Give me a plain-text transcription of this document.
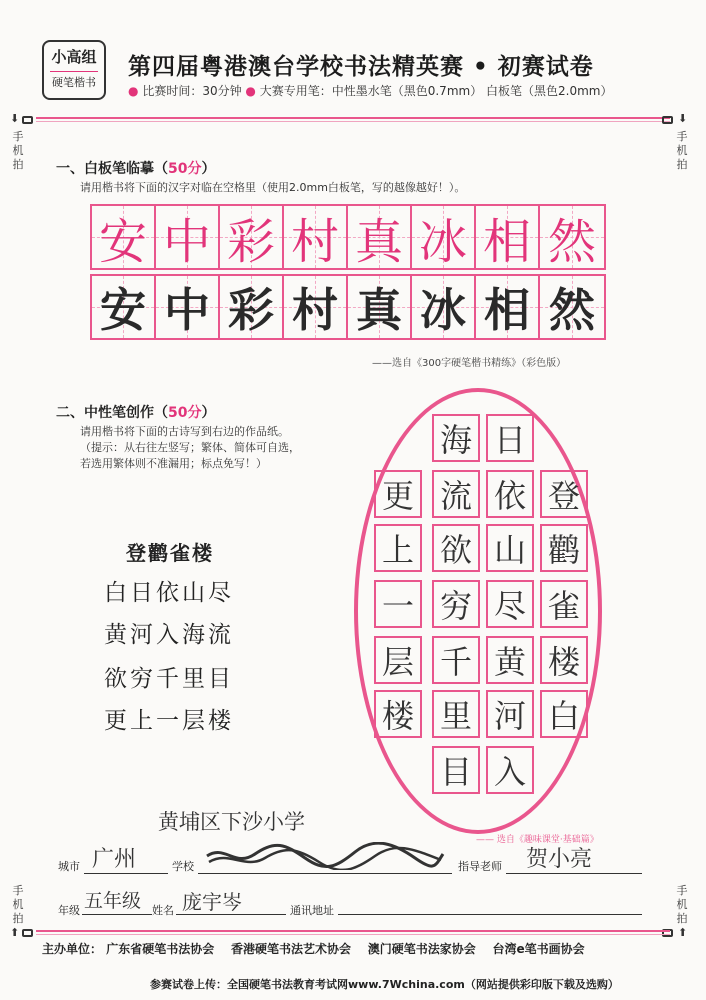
小高组
硬笔楷书
第四届粤港澳台学校书法精英赛 • 初赛试卷
● 比赛时间：30分钟 ● 大赛专用笔：中性墨水笔（黑色0.7mm） 白板笔（黑色2.0mm）
⬇
手机拍
⬇
手机拍
手机拍
⬆
手机拍
⬆
一、白板笔临摹（50分）
请用楷书将下面的汉字对临在空格里（使用2.0mm白板笔，写的越像越好！）。
安 中 彩 村 真 冰 相 然
安 中 彩 村 真 冰 相 然
——选自《300字硬笔楷书精练》（彩色版）
二、中性笔创作（50分）
请用楷书将下面的古诗写到右边的作品纸。
（提示：从右往左竖写；繁体、简体可自选，
若选用繁体则不准漏用；标点免写！）
登鹳雀楼
白日依山尽
黄河入海流
欲穷千里目
更上一层楼
登
鹳
雀
楼
白
依
山
尽
黄
河
流
欲
穷
千
里
目
更
上
一
层
楼
日
海
入
—— 选自《趣味课堂·基础篇》
黄埔区下沙小学
城市 广州	学校	指导老师 贺小亮
年级 五年级 姓名 庞宇岑	通讯地址
主办单位： 广东省硬笔书法协会 香港硬笔书法艺术协会 澳门硬笔书法家协会 台湾e笔书画协会
参赛试卷上传：全国硬笔书法教育考试网www.7Wchina.com（网站提供彩印版下载及选购）
